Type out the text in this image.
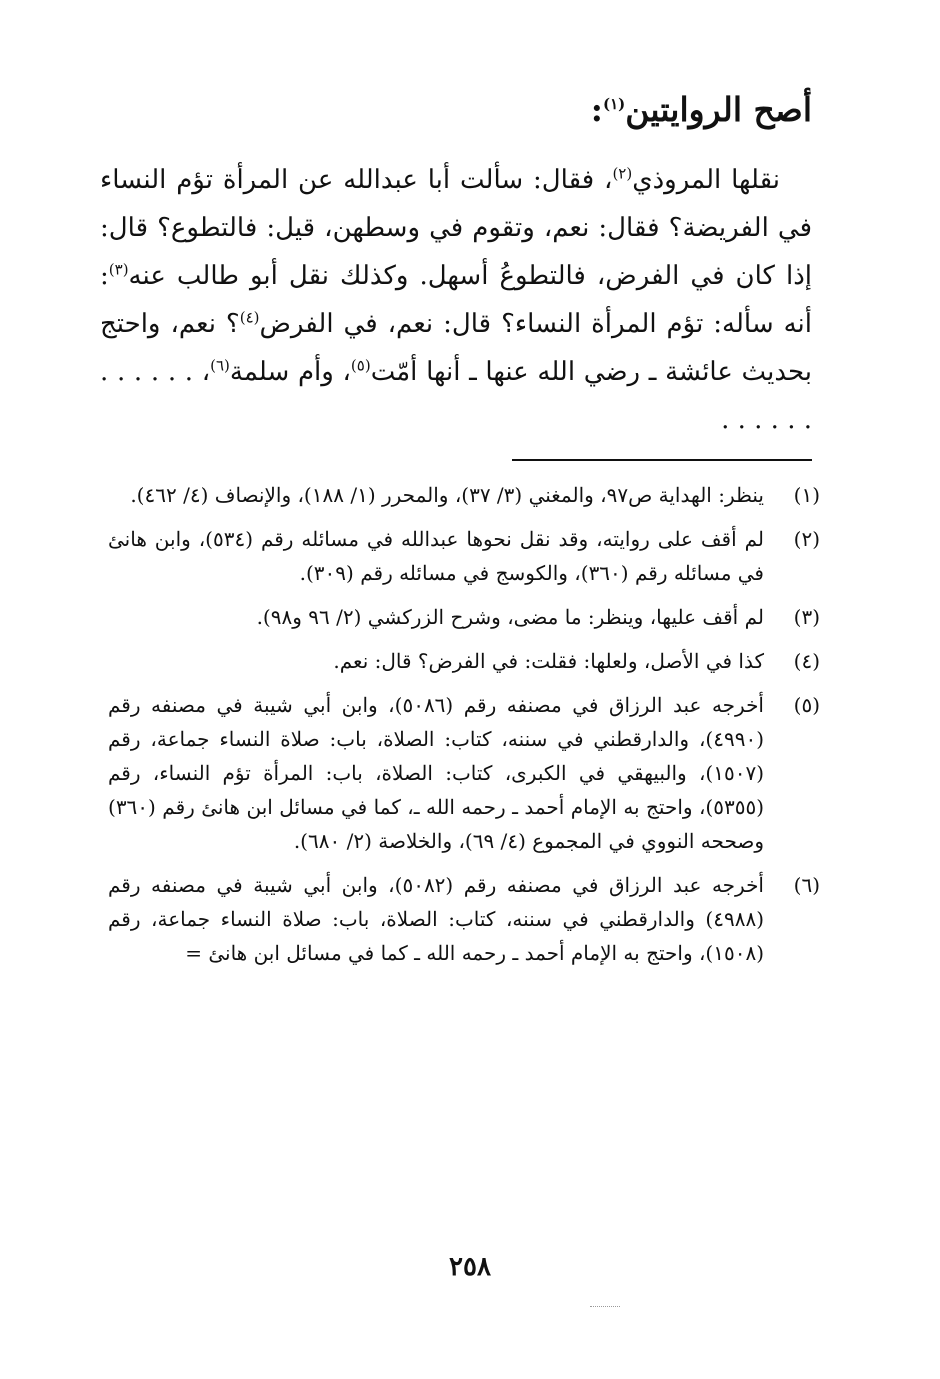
أصح الروايتين$^{(١)}$:

نقلها المروذي$^{(٢)}$، فقال: سألت أبا عبدالله عن المرأة تؤم النساء في الفريضة؟ فقال: نعم، وتقوم في وسطهن، قيل: فالتطوع؟ قال: إذا كان في الفرض، فالتطوعُ أسهل. وكذلك نقل أبو طالب عنه$^{(٣)}$: أنه سأله: تؤم المرأة النساء؟ قال: نعم، في الفرض$^{(٤)}$؟ نعم، واحتج بحديث عائشة ـ رضي الله عنها ـ أنها أمّت$^{(٥)}$، وأم سلمة$^{(٦)}$، . . . . . . . . . . . .

(١)
ينظر: الهداية ص٩٧، والمغني (٣/ ٣٧)، والمحرر (١/ ١٨٨)، والإنصاف (٤/ ٤٦٢).
(٢)
لم أقف على روايته، وقد نقل نحوها عبدالله في مسائله رقم (٥٣٤)، وابن هانئ في مسائله رقم (٣٦٠)، والكوسج في مسائله رقم (٣٠٩).
(٣)
لم أقف عليها، وينظر: ما مضى، وشرح الزركشي (٢/ ٩٦ و٩٨).
(٤)
كذا في الأصل، ولعلها: فقلت: في الفرض؟ قال: نعم.
(٥)
أخرجه عبد الرزاق في مصنفه رقم (٥٠٨٦)، وابن أبي شيبة في مصنفه رقم (٤٩٩٠)، والدارقطني في سننه، كتاب: الصلاة، باب: صلاة النساء جماعة، رقم (١٥٠٧)، والبيهقي في الكبرى، كتاب: الصلاة، باب: المرأة تؤم النساء، رقم (٥٣٥٥)، واحتج به الإمام أحمد ـ رحمه الله ـ، كما في مسائل ابن هانئ رقم (٣٦٠) وصححه النووي في المجموع (٤/ ٦٩)، والخلاصة (٢/ ٦٨٠).
(٦)
أخرجه عبد الرزاق في مصنفه رقم (٥٠٨٢)، وابن أبي شيبة في مصنفه رقم (٤٩٨٨) والدارقطني في سننه، كتاب: الصلاة، باب: صلاة النساء جماعة، رقم (١٥٠٨)، واحتج به الإمام أحمد ـ رحمه الله ـ كما في مسائل ابن هانئ =
٢٥٨
